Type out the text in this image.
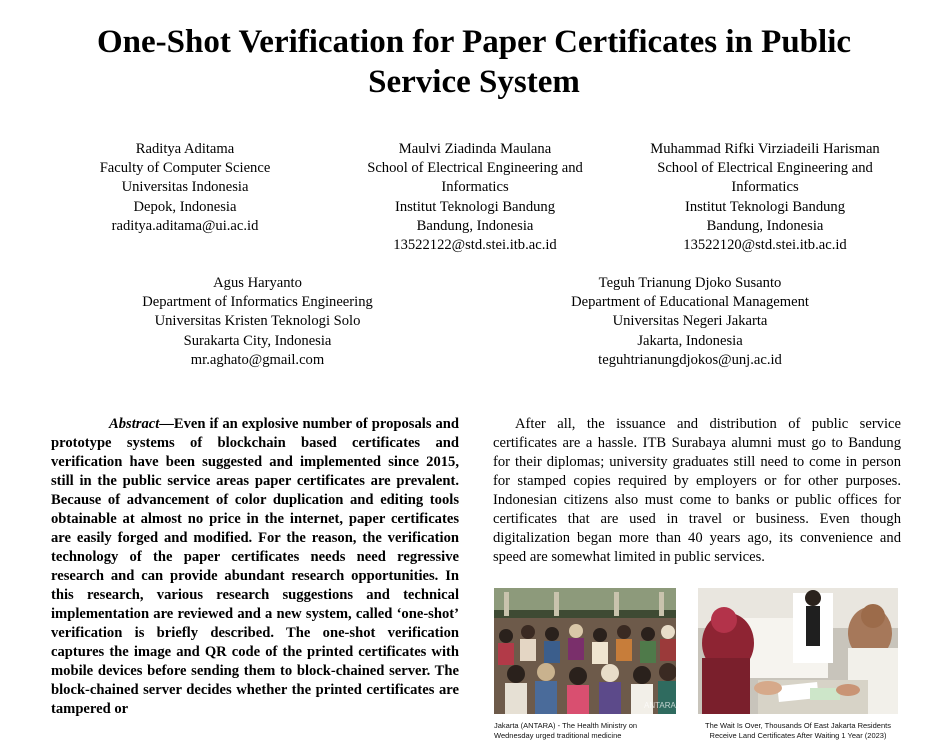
One-Shot Verification for Paper Certificates in Public
Service System
Raditya Aditama
Faculty of Computer Science
Universitas Indonesia
Depok, Indonesia
raditya.aditama@ui.ac.id
Maulvi Ziadinda Maulana
School of Electrical Engineering and
Informatics
Institut Teknologi Bandung
Bandung, Indonesia
13522122@std.stei.itb.ac.id
Muhammad Rifki Virziadeili Harisman
School of Electrical Engineering and
Informatics
Institut Teknologi Bandung
Bandung, Indonesia
13522120@std.stei.itb.ac.id
Agus Haryanto
Department of Informatics Engineering
Universitas Kristen Teknologi Solo
Surakarta City, Indonesia
mr.aghato@gmail.com
Teguh Trianung Djoko Susanto
Department of Educational Management
Universitas Negeri Jakarta
Jakarta, Indonesia
teguhtrianungdjokos@unj.ac.id
Abstract—Even if an explosive number of proposals and prototype systems of blockchain based certificates and verification have been suggested and implemented since 2015, still in the public service areas paper certificates are prevalent. Because of advancement of color duplication and editing tools obtainable at almost no price in the internet, paper certificates are easily forged and modified. For the reason, the verification technology of the paper certificates needs need regressive research and can provide abundant research opportunities. In this research, various research suggestions and technical implementation are reviewed and a new system, called ‘one-shot’ verification is briefly described. The one-shot verification captures the image and QR code of the printed certificates with mobile devices before sending them to block-chained server. The block-chained server decides whether the printed certificates are tampered or
After all, the issuance and distribution of public service certificates are a hassle. ITB Surabaya alumni must go to Bandung for their diplomas; university graduates still need to come in person for stamped copies required by employers or for other purposes. Indonesian citizens also must come to banks or public offices for certificates that are used in travel or business. Even though digitalization began more than 40 years ago, its convenience and speed are somewhat limited in public services.
ANTARA
Jakarta (ANTARA) - The Health Ministry on Wednesday urged traditional medicine
The Wait Is Over, Thousands Of East Jakarta Residents Receive Land Certificates After Waiting 1 Year (2023)
